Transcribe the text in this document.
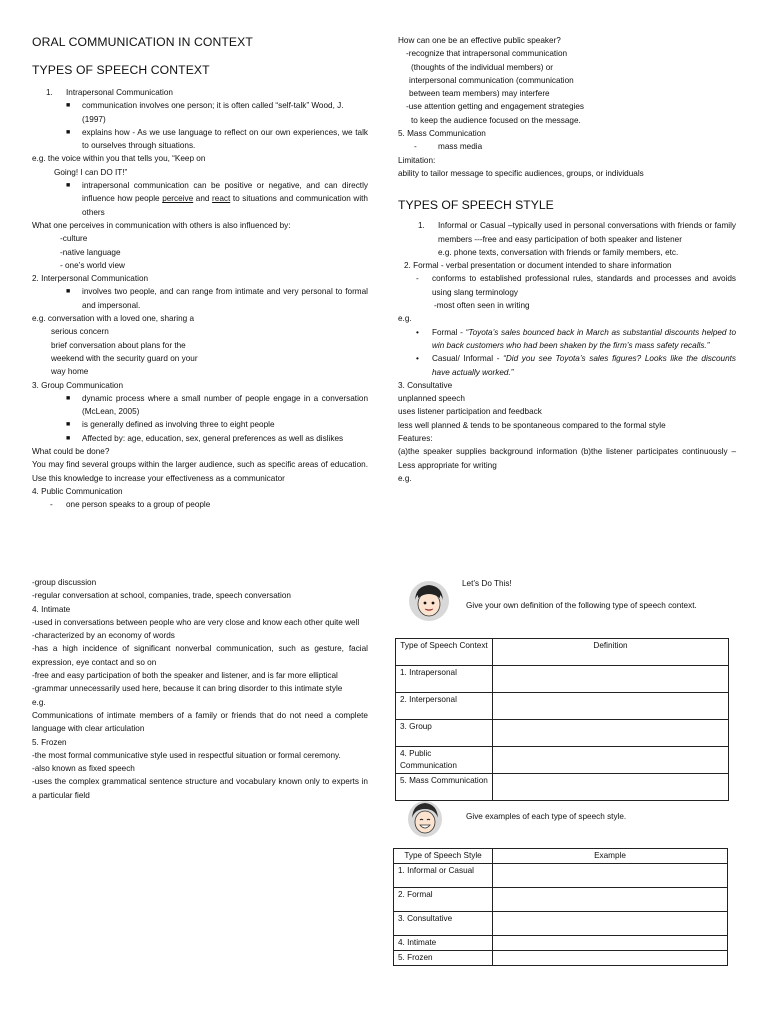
ORAL COMMUNICATION IN CONTEXT
TYPES OF SPEECH CONTEXT
1.	Intrapersonal Communication
■	communication involves one person; it is often called “self-talk” Wood, J. (1997)
■	explains how - As we use language to reflect on our own experiences, we talk to ourselves through situations.
e.g. the voice within you that tells you, “Keep on
Going! I can DO IT!”
■	intrapersonal communication can be positive or negative, and can directly influence how people perceive and react to situations and communication with others
What one perceives in communication with others is also influenced by:
-culture
-native language
- one’s world view
2. Interpersonal Communication
■	involves two people, and can range from intimate and very personal to formal and impersonal.
e.g. conversation with a loved one, sharing a
serious concern
brief conversation about plans for the
weekend with the security guard on your
way home
3. Group Communication
■	dynamic process where a small number of people engage in a conversation (McLean, 2005)
■	is generally defined as involving three to eight people
■	Affected by: age, education, sex, general preferences as well as dislikes
What could be done?
You may find several groups within the larger audience, such as specific areas of education. Use this knowledge to increase your effectiveness as a communicator
4. Public Communication
-	one person speaks to a group of people
How can one be an effective public speaker?
-recognize that intrapersonal communication
(thoughts of the individual members) or
interpersonal communication (communication
between team members) may interfere
-use attention getting and engagement strategies
to keep the audience focused on the message.
5. Mass Communication
-	mass media
Limitation:
ability to tailor message to specific audiences, groups, or individuals
TYPES OF SPEECH STYLE
1.	Informal or Casual –typically used in personal conversations with friends or family members ---free and easy participation of both speaker and listener
e.g. phone texts, conversation with friends or family members, etc.
2. Formal - verbal presentation or document intended to share information
-	conforms to established professional rules, standards and processes and avoids using slang terminology
-most often seen in writing
e.g.
•	Formal - “Toyota’s sales bounced back in March as substantial discounts helped to win back customers who had been shaken by the firm’s mass safety recalls.”
•	Casual/ Informal - “Did you see Toyota’s sales figures? Looks like the discounts have actually worked.”
3. Consultative
unplanned speech
uses listener participation and feedback
less well planned & tends to be spontaneous compared to the formal style
Features:
(a)the speaker supplies background information (b)the listener participates continuously – Less appropriate for writing
e.g.
-group discussion
-regular conversation at school, companies, trade, speech conversation
4. Intimate
-used in conversations between people who are very close and know each other quite well
-characterized by an economy of words
-has a high incidence of significant nonverbal communication, such as gesture, facial expression, eye contact and so on
-free and easy participation of both the speaker and listener, and is far more elliptical
-grammar unnecessarily used here, because it can bring disorder to this intimate style
e.g.
Communications of intimate members of a family or friends that do not need a complete language with clear articulation
5. Frozen
-the most formal communicative style used in respectful situation or formal ceremony.
-also known as fixed speech
-uses the complex grammatical sentence structure and vocabulary known only to experts in a particular field
Let’s Do This!
Give your own definition of the following type of speech context.
Type of Speech Context	Definition
1. Intrapersonal	
2. Interpersonal	
3. Group	
4. Public Communication	
5. Mass Communication	
Give examples of each type of speech style.
Type of Speech Style	Example
1. Informal or Casual	
2. Formal	
3. Consultative	
4. Intimate	
5. Frozen	
